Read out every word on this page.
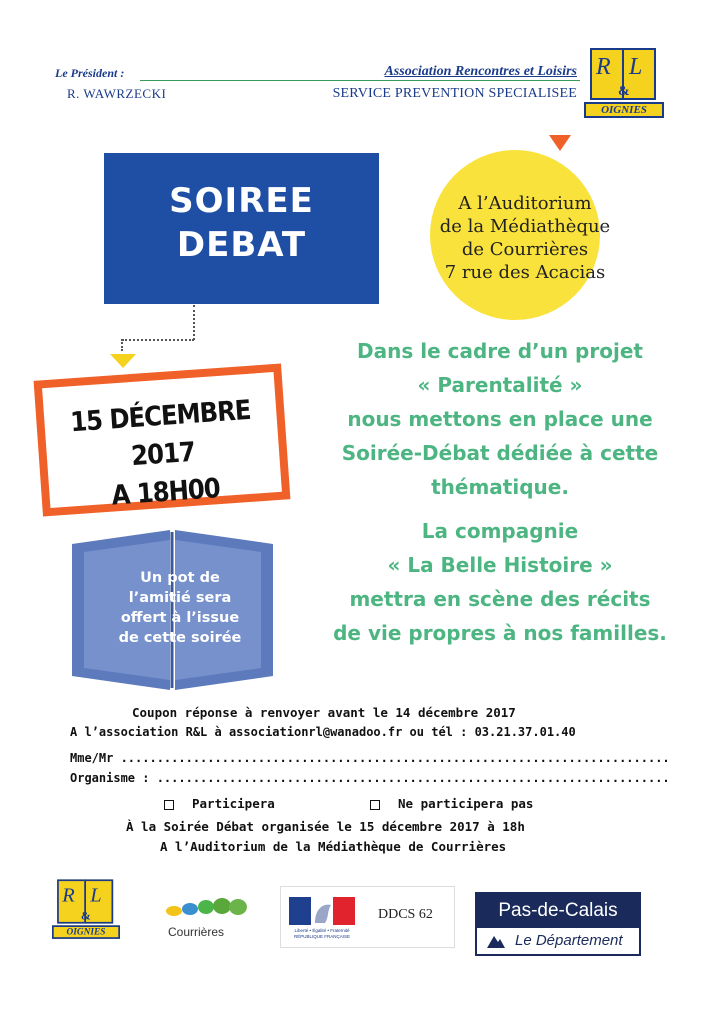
Le Président :
R. WAWRZECKI
Association Rencontres et Loisirs
SERVICE PREVENTION SPECIALISEE
R L
&
OIGNIES
SOIREE
DEBAT
A l’Auditorium
de la Médiathèque
de Courrières
7 rue des Acacias
15 DÉCEMBRE 2017
A 18H00

Dans le cadre d’un projet

« Parentalité »

nous mettons en place une

Soirée-Débat dédiée à cette

thématique.

La compagnie

« La Belle Histoire »

mettra en scène des récits

de vie propres à nos familles.

Un pot de
l’amitié sera
offert à l’issue
de cette soirée
Coupon réponse à renvoyer avant le 14 décembre 2017
A l’association R&L à associationrl@wanadoo.fr ou tél : 03.21.37.01.40
Mme/Mr ............................................................................
Organisme : .......................................................................
Participera	Ne participera pas
À la Soirée Débat organisée le 15 décembre 2017 à 18h
A l’Auditorium de la Médiathèque de Courrières
R L
&
OIGNIES	Courrières	Liberté • Égalité • Fraternité RÉPUBLIQUE FRANÇAISE
DDCS 62	Pas-de-Calais
Le Département
